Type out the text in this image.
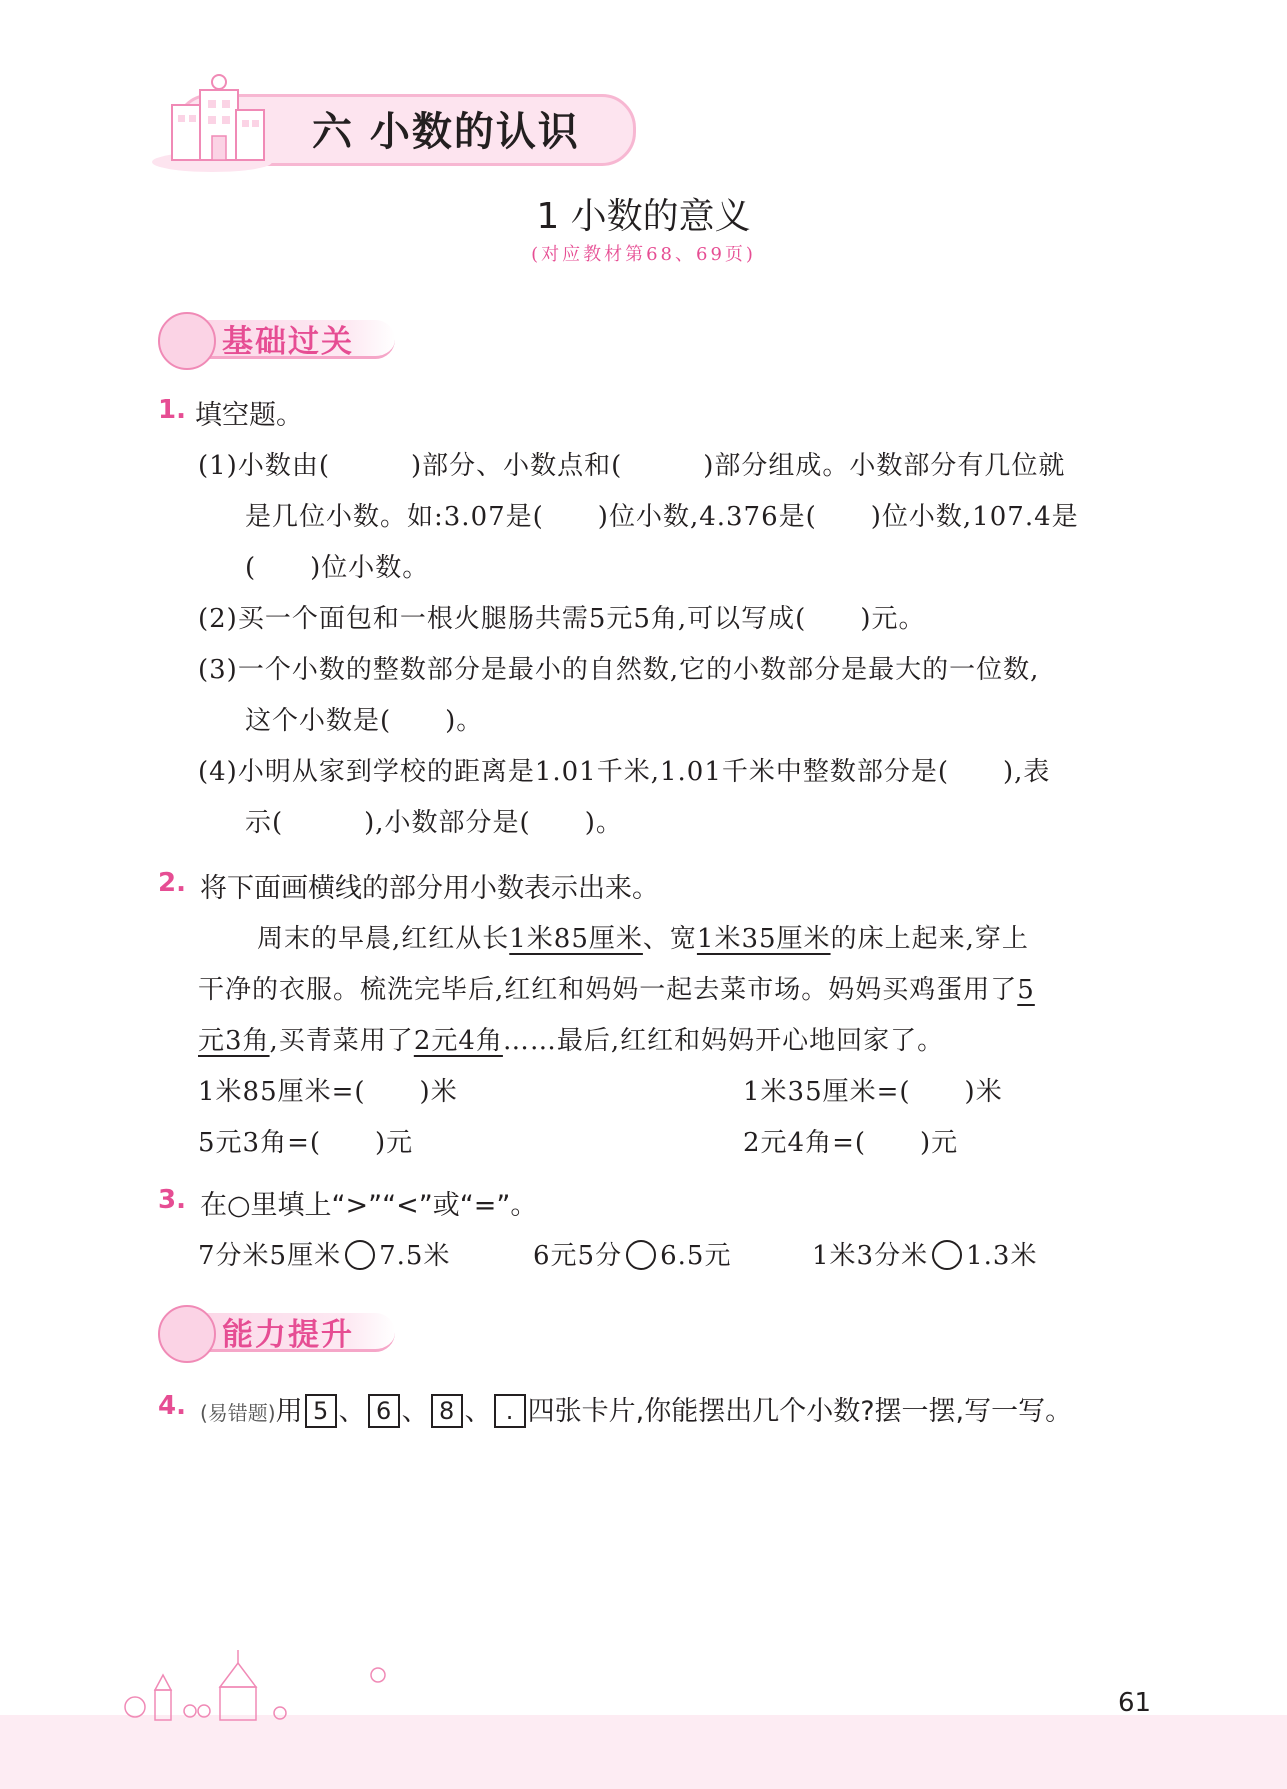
六 小数的认识
1 小数的意义
(对应教材第68、69页)
基础过关
1. 填空题。
(1)小数由(　　　)部分、小数点和(　　　)部分组成。小数部分有几位就
是几位小数。如:3.07是(　　)位小数,4.376是(　　)位小数,107.4是
(　　)位小数。
(2)买一个面包和一根火腿肠共需5元5角,可以写成(　　)元。
(3)一个小数的整数部分是最小的自然数,它的小数部分是最大的一位数,
这个小数是(　　)。
(4)小明从家到学校的距离是1.01千米,1.01千米中整数部分是(　　),表
示(　　　),小数部分是(　　)。
2. 将下面画横线的部分用小数表示出来。
周末的早晨,红红从长1米85厘米、宽1米35厘米的床上起来,穿上
干净的衣服。梳洗完毕后,红红和妈妈一起去菜市场。妈妈买鸡蛋用了5
元3角,买青菜用了2元4角……最后,红红和妈妈开心地回家了。
1米85厘米=(　　)米	1米35厘米=(　　)米
5元3角=(　　)元	2元4角=(　　)元
3. 在○里填上“>”“<”或“=”。
7分米5厘米 7.5米	6元5分 6.5元	1米3分米 1.3米
能力提升
4. (易错题)用 5 、 6 、 8 、 . 四张卡片,你能摆出几个小数?摆一摆,写一写。
61
